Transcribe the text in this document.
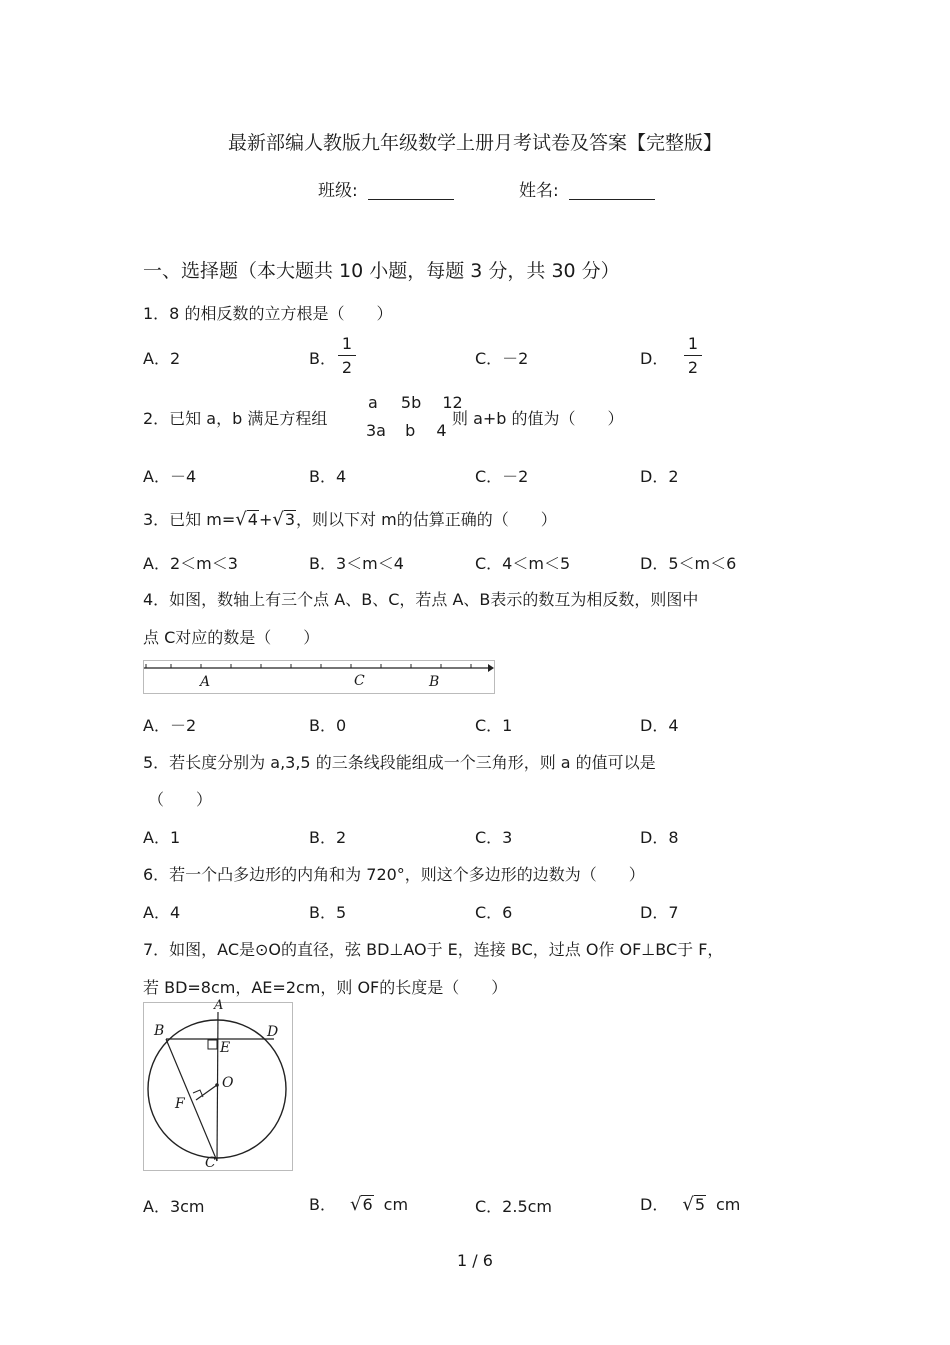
最新部编人教版九年级数学上册月考试卷及答案【完整版】
班级:	姓名:
一、选择题（本大题共 10 小题，每题 3 分，共 30 分）
1．8 的相反数的立方根是（　　）
A．2	B．
1
2	C．－2	D．
1
2
2．已知 a，b 满足方程组
a 5b 12
3a b 4
则 a+b 的值为（　　）
A．－4	B．4	C．－2	D．2
3．已知 m=√4+√3，则以下对 m的估算正确的（　　）
A．2＜m＜3	B．3＜m＜4	C．4＜m＜5	D．5＜m＜6
4．如图，数轴上有三个点 A、B、C，若点 A、B表示的数互为相反数，则图中
点 C对应的数是（　　）
A	C	B
A．－2	B．0	C．1	D．4
5．若长度分别为 a,3,5 的三条线段能组成一个三角形，则 a 的值可以是
（　　）
A．1	B．2	C．3	D．8
6．若一个凸多边形的内角和为 720°，则这个多边形的边数为（　　）
A．4	B．5	C．6	D．7
7．如图，AC是⊙O的直径，弦 BD⊥AO于 E，连接 BC，过点 O作 OF⊥BC于 F，
若 BD=8cm，AE=2cm，则 OF的长度是（　　）
A
B	D
E
O
F
C
A．3cm	B． √6 cm	C．2.5cm	D． √5 cm
1 / 6
